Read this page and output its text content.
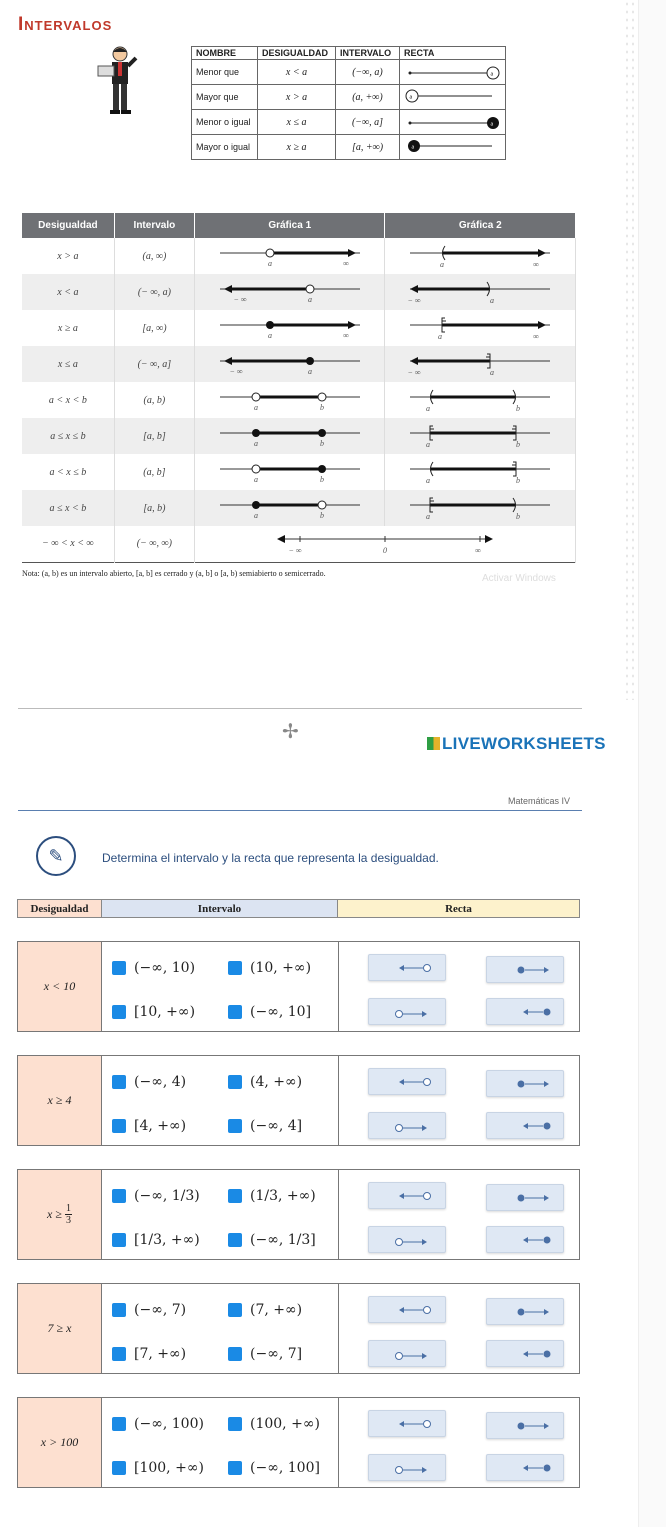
Intervalos
NOMBRE	DESIGUALDAD	INTERVALO	RECTA
Menor que	x < a	(−∞, a)	a

Mayor que	x > a	(a, +∞)	a

Menor o igual	x ≤ a	(−∞, a]	a

Mayor o igual	x ≥ a	[a, +∞)	a
Desigualdad	Intervalo	Gráfica 1	Gráfica 2
x > a	(a, ∞)	a ∞	a ∞

x < a	(− ∞, a)	− ∞ a	− ∞ a

x ≥ a	[a, ∞)	a ∞	a ∞

x ≤ a	(− ∞, a]	− ∞ a	− ∞ a

a < x < b	(a, b)	a b	a b

a ≤ x ≤ b	[a, b]	a b	a b

a < x ≤ b	(a, b]	a b	a b

a ≤ x < b	[a, b)	a b	a b

− ∞ < x < ∞	(− ∞, ∞)	− ∞ 0 ∞	
Nota: (a, b) es un intervalo abierto, [a, b] es cerrado y (a, b] o [a, b) semiabierto o semicerrado.	Activar Windows
✢
LIVEWORKSHEETS
Matemáticas IV
✎	Determina el intervalo y la recta que representa la desigualdad.
Desigualdad	Intervalo	Recta
x < 10
(−∞, 10)	(10, +∞)
[10, +∞)	(−∞, 10]
x ≥ 4
(−∞, 4)	(4, +∞)
[4, +∞)	(−∞, 4]
$x \ge \frac{1}{3}$
(−∞, 1/3)	(1/3, +∞)
[1/3, +∞)	(−∞, 1/3]
7 ≥ x
(−∞, 7)	(7, +∞)
[7, +∞)	(−∞, 7]
x > 100
(−∞, 100)	(100, +∞)
[100, +∞)	(−∞, 100]
